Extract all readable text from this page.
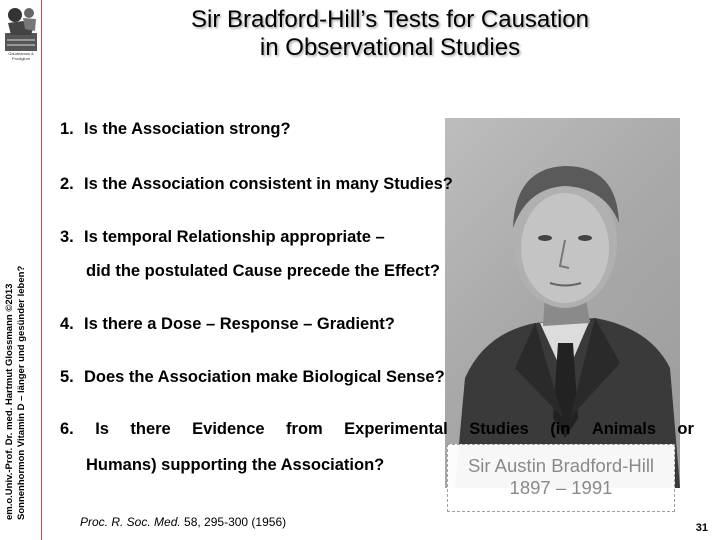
Gaudeamus & Prodigium
em.o.Univ.-Prof. Dr. med. Hartmut Glossmann ©2013 Sonnenhormon Vitamin D – länger und gesünder leben?
Sir Bradford-Hill’s Tests for Causation
in Observational Studies
Sir Austin Bradford-Hill
1897 – 1991
1. Is the Association strong?
2. Is the Association consistent in many Studies?
3. Is temporal Relationship appropriate –
did the postulated Cause precede the Effect?
4. Is there a Dose – Response – Gradient?
5. Does the Association make Biological Sense?
6. Is there Evidence from Experimental Studies (in Animals or
Humans) supporting the Association?
Proc. R. Soc. Med. 58, 295-300 (1956)	31
